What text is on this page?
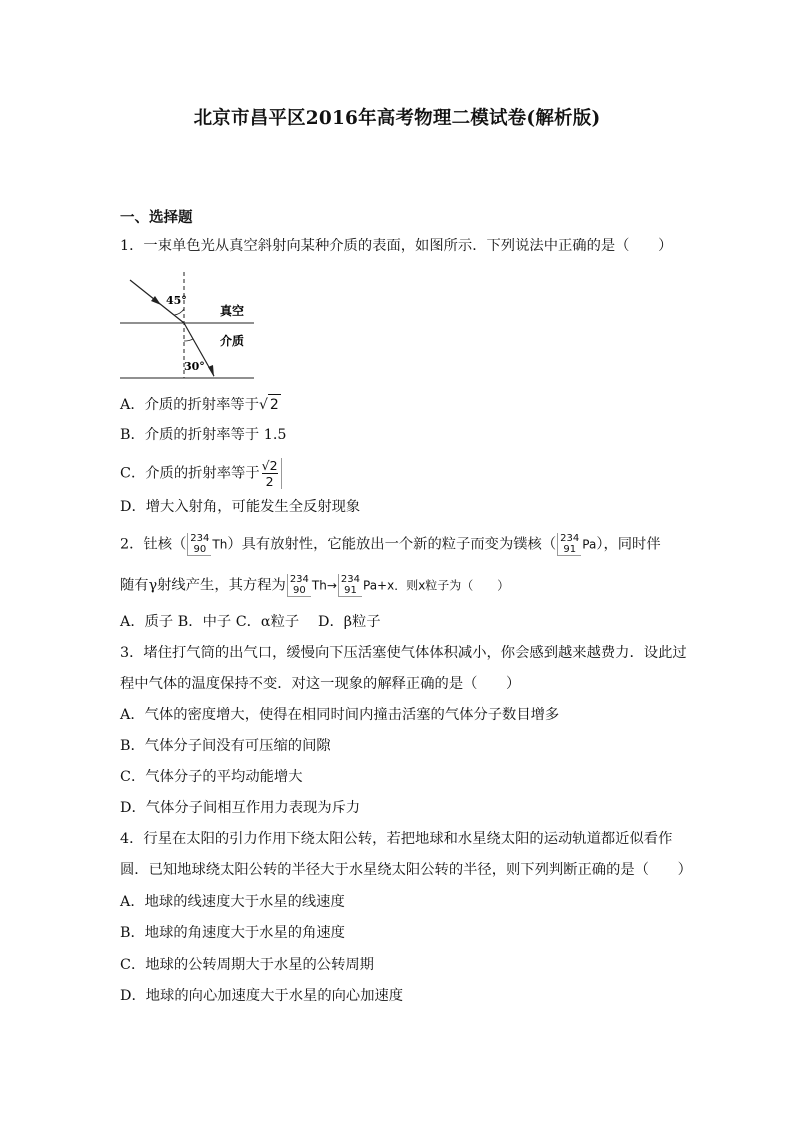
北京市昌平区2016年高考物理二模试卷(解析版)
一、选择题
1．一束单色光从真空斜射向某种介质的表面，如图所示．下列说法中正确的是（　　）
45°
30°
真空
介质
A．介质的折射率等于√ 2
B．介质的折射率等于 1.5
C．介质的折射率等于 $\frac{√2}{2}$
D．增大入射角，可能发生全反射现象
2．钍核（ 234
90 Th）具有放射性，它能放出一个新的粒子而变为镤核（ 234
91 Pa），同时伴
随有γ射线产生，其方程为 234
90 Th→ 234
91 Pa+x．则x粒子为（　　）
A．质子 B．中子 C．α粒子　 D．β粒子
3．堵住打气筒的出气口，缓慢向下压活塞使气体体积减小，你会感到越来越费力．设此过
程中气体的温度保持不变．对这一现象的解释正确的是（　　）
A．气体的密度增大，使得在相同时间内撞击活塞的气体分子数目增多
B．气体分子间没有可压缩的间隙
C．气体分子的平均动能增大
D．气体分子间相互作用力表现为斥力
4．行星在太阳的引力作用下绕太阳公转，若把地球和水星绕太阳的运动轨道都近似看作
圆．已知地球绕太阳公转的半径大于水星绕太阳公转的半径，则下列判断正确的是（　　）
A．地球的线速度大于水星的线速度
B．地球的角速度大于水星的角速度
C．地球的公转周期大于水星的公转周期
D．地球的向心加速度大于水星的向心加速度
